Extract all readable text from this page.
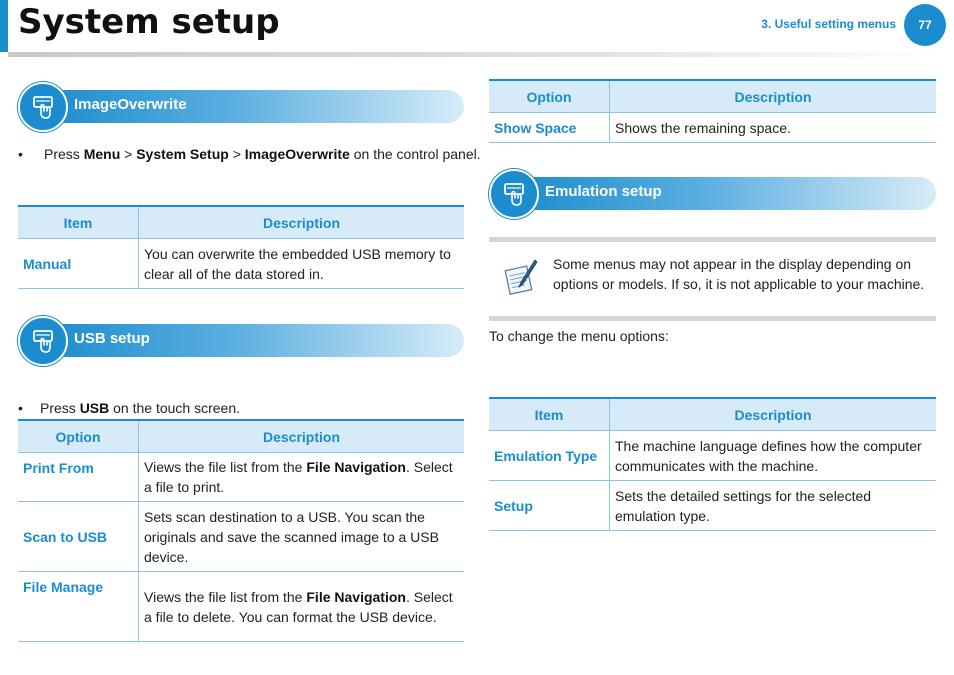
System setup	3. Useful setting menus	77
ImageOverwrite
• Press Menu > System Setup > ImageOverwrite on the control panel.
Item	Description
Manual	You can overwrite the embedded USB memory to clear all of the data stored in.
USB setup
• Press USB on the touch screen.
Option	Description
Print From	Views the file list from the File Navigation. Select a file to print.
Scan to USB	Sets scan destination to a USB. You scan the originals and save the scanned image to a USB device.
File Manage	Views the file list from the File Navigation. Select a file to delete. You can format the USB device.
Option	Description
Show Space	Shows the remaining space.
Emulation setup
Some menus may not appear in the display depending on options or models. If so, it is not applicable to your machine.
To change the menu options:
Item	Description
Emulation Type	The machine language defines how the computer communicates with the machine.
Setup	Sets the detailed settings for the selected emulation type.
